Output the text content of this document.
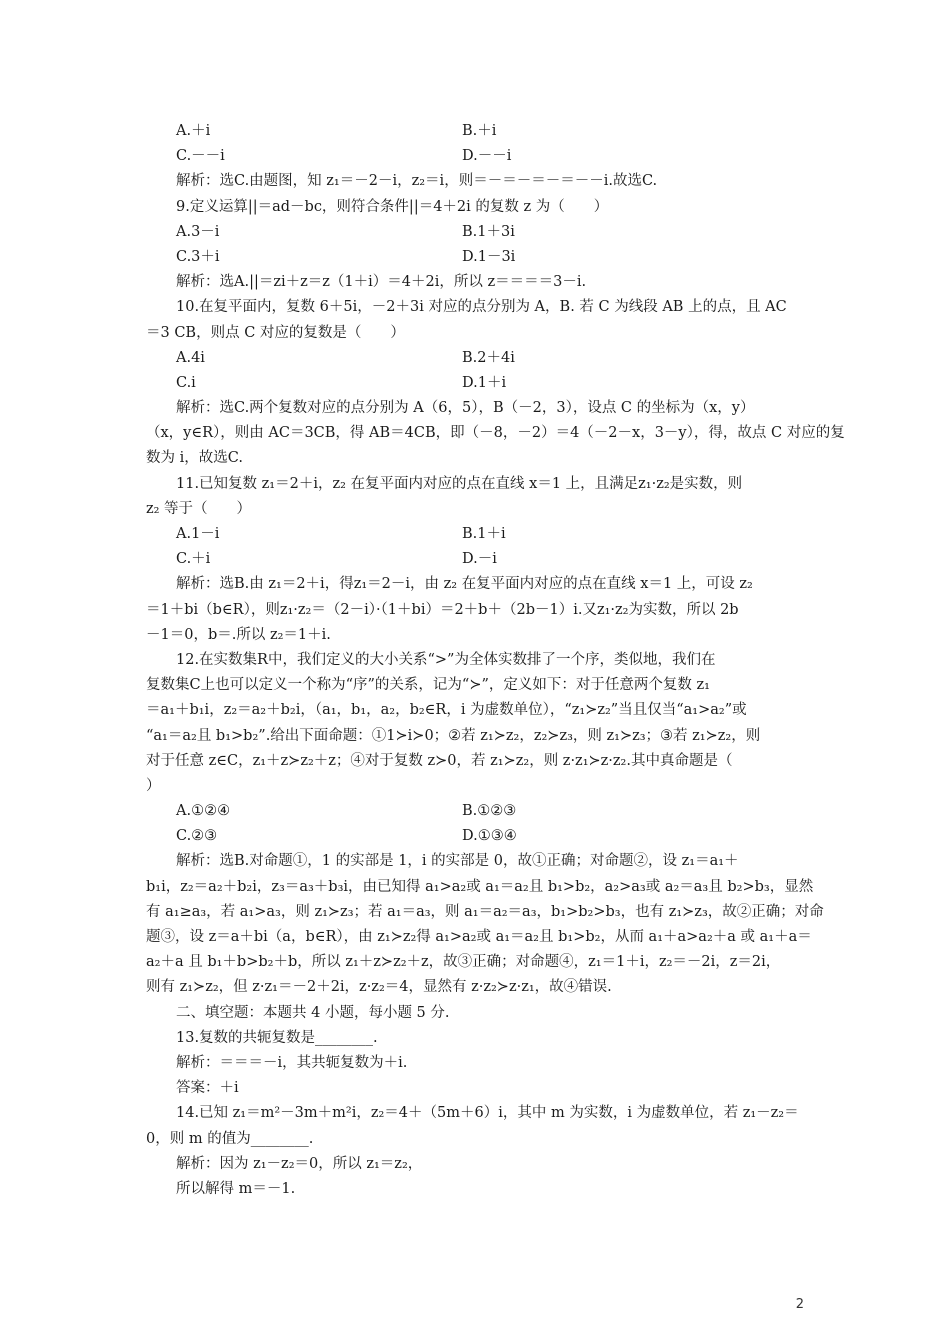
A.＋i	B.＋i
C.－－i	D.－－i
解析：选C.由题图，知 z₁＝－2－i，z₂＝i，则＝－＝－＝－＝－－i.故选C.
9.定义运算||＝ad－bc，则符合条件||＝4＋2i 的复数 z 为（　　）
A.3－i	B.1＋3i
C.3＋i	D.1－3i
解析：选A.||＝zi＋z＝z（1＋i）＝4＋2i，所以 z＝＝＝＝3－i.
10.在复平面内，复数 6＋5i，－2＋3i 对应的点分别为 A，B. 若 C 为线段 AB 上的点，且 AC
＝3 CB，则点 C 对应的复数是（　　）
A.4i	B.2＋4i
C.i	D.1＋i
解析：选C.两个复数对应的点分别为 A（6，5），B（－2，3），设点 C 的坐标为（x，y）
（x，y∈R），则由 AC＝3CB，得 AB＝4CB，即（－8，－2）＝4（－2－x，3－y），得，故点 C 对应的复
数为 i，故选C.
11.已知复数 z₁＝2＋i，z₂ 在复平面内对应的点在直线 x＝1 上，且满足z₁·z₂是实数，则
z₂ 等于（　　）
A.1－i	B.1＋i
C.＋i	D.－i
解析：选B.由 z₁＝2＋i，得z₁＝2－i，由 z₂ 在复平面内对应的点在直线 x＝1 上，可设 z₂
＝1＋bi（b∈R），则z₁·z₂＝（2－i）·（1＋bi）＝2＋b＋（2b－1）i.又z₁·z₂为实数，所以 2b
－1＝0，b＝.所以 z₂＝1＋i.
12.在实数集R中，我们定义的大小关系“>”为全体实数排了一个序，类似地，我们在
复数集C上也可以定义一个称为“序”的关系，记为“≻”，定义如下：对于任意两个复数 z₁
＝a₁＋b₁i，z₂＝a₂＋b₂i，（a₁，b₁，a₂，b₂∈R，i 为虚数单位），“z₁≻z₂”当且仅当“a₁>a₂”或
“a₁＝a₂且 b₁>b₂”.给出下面命题：①1≻i≻0；②若 z₁≻z₂，z₂≻z₃，则 z₁≻z₃；③若 z₁≻z₂，则
对于任意 z∈C，z₁＋z≻z₂＋z；④对于复数 z≻0，若 z₁≻z₂，则 z·z₁≻z·z₂.其中真命题是（
）
A.①②④	B.①②③
C.②③	D.①③④
解析：选B.对命题①，1 的实部是 1，i 的实部是 0，故①正确；对命题②，设 z₁＝a₁＋
b₁i，z₂＝a₂＋b₂i，z₃＝a₃＋b₃i，由已知得 a₁>a₂或 a₁＝a₂且 b₁>b₂，a₂>a₃或 a₂＝a₃且 b₂>b₃，显然
有 a₁≥a₃，若 a₁>a₃，则 z₁≻z₃；若 a₁＝a₃，则 a₁＝a₂＝a₃，b₁>b₂>b₃，也有 z₁≻z₃，故②正确；对命
题③，设 z＝a＋bi（a，b∈R），由 z₁≻z₂得 a₁>a₂或 a₁＝a₂且 b₁>b₂，从而 a₁＋a>a₂＋a 或 a₁＋a＝
a₂＋a 且 b₁＋b>b₂＋b，所以 z₁＋z≻z₂＋z，故③正确；对命题④，z₁＝1＋i，z₂＝－2i，z＝2i，
则有 z₁≻z₂，但 z·z₁＝－2＋2i，z·z₂＝4，显然有 z·z₂≻z·z₁，故④错误.
二、填空题：本题共 4 小题，每小题 5 分.
13.复数的共轭复数是________.
解析：＝＝＝－i，其共轭复数为＋i.
答案：＋i
14.已知 z₁＝m²－3m＋m²i，z₂＝4＋（5m＋6）i，其中 m 为实数，i 为虚数单位，若 z₁－z₂＝
0，则 m 的值为________.
解析：因为 z₁－z₂＝0，所以 z₁＝z₂，
所以解得 m＝－1.
2
